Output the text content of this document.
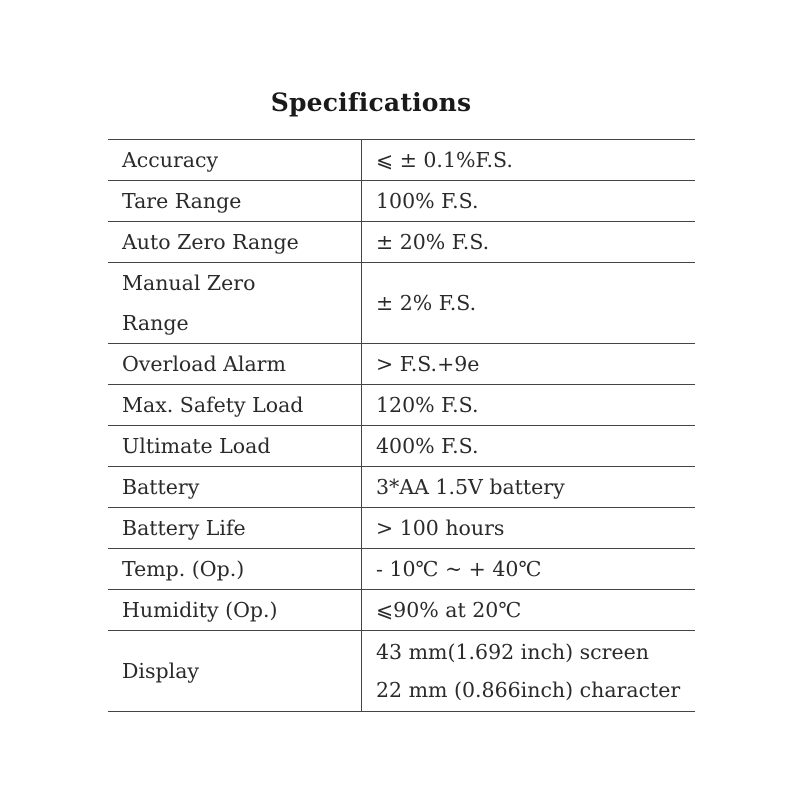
Specifications
Accuracy	⩽ ± 0.1%F.S.
Tare Range	100% F.S.
Auto Zero Range	± 20% F.S.

Manual Zero
Range	± 2% F.S.
Overload Alarm	> F.S.+9e
Max. Safety Load	120% F.S.
Ultimate Load	400% F.S.
Battery	3*AA 1.5V battery
Battery Life	> 100 hours
Temp. (Op.)	- 10℃ ~ + 40℃
Humidity (Op.)	⩽90% at 20℃
Display	43 mm(1.692 inch) screen
22 mm (0.866inch) character
